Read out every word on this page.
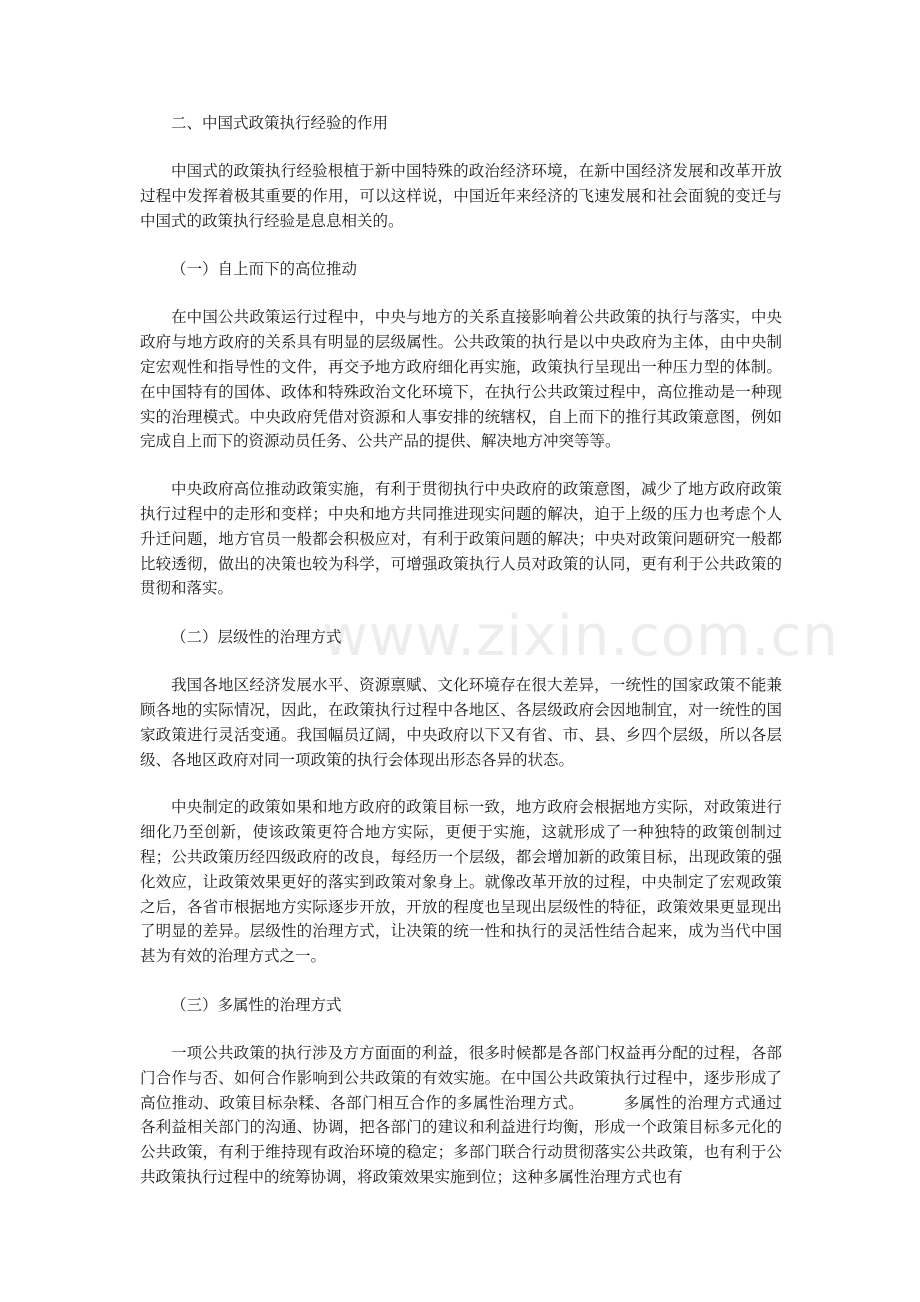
二、中国式政策执行经验的作用

中国式的政策执行经验根植于新中国特殊的政治经济环境，在新中国经济发展和改革开放过程中发挥着极其重要的作用，可以这样说，中国近年来经济的飞速发展和社会面貌的变迁与中国式的政策执行经验是息息相关的。

（一）自上而下的高位推动

在中国公共政策运行过程中，中央与地方的关系直接影响着公共政策的执行与落实，中央政府与地方政府的关系具有明显的层级属性。公共政策的执行是以中央政府为主体，由中央制定宏观性和指导性的文件，再交予地方政府细化再实施，政策执行呈现出一种压力型的体制。在中国特有的国体、政体和特殊政治文化环境下，在执行公共政策过程中，高位推动是一种现实的治理模式。中央政府凭借对资源和人事安排的统辖权，自上而下的推行其政策意图，例如完成自上而下的资源动员任务、公共产品的提供、解决地方冲突等等。

中央政府高位推动政策实施，有利于贯彻执行中央政府的政策意图，减少了地方政府政策执行过程中的走形和变样；中央和地方共同推进现实问题的解决，迫于上级的压力也考虑个人升迁问题，地方官员一般都会积极应对，有利于政策问题的解决；中央对政策问题研究一般都比较透彻，做出的决策也较为科学，可增强政策执行人员对政策的认同，更有利于公共政策的贯彻和落实。

（二）层级性的治理方式

我国各地区经济发展水平、资源禀赋、文化环境存在很大差异，一统性的国家政策不能兼顾各地的实际情况，因此，在政策执行过程中各地区、各层级政府会因地制宜，对一统性的国家政策进行灵活变通。我国幅员辽阔，中央政府以下又有省、市、县、乡四个层级，所以各层级、各地区政府对同一项政策的执行会体现出形态各异的状态。

中央制定的政策如果和地方政府的政策目标一致，地方政府会根据地方实际，对政策进行细化乃至创新，使该政策更符合地方实际，更便于实施，这就形成了一种独特的政策创制过程；公共政策历经四级政府的改良，每经历一个层级，都会增加新的政策目标，出现政策的强化效应，让政策效果更好的落实到政策对象身上。就像改革开放的过程，中央制定了宏观政策之后，各省市根据地方实际逐步开放，开放的程度也呈现出层级性的特征，政策效果更显现出了明显的差异。层级性的治理方式，让决策的统一性和执行的灵活性结合起来，成为当代中国甚为有效的治理方式之一。

（三）多属性的治理方式

一项公共政策的执行涉及方方面面的利益，很多时候都是各部门权益再分配的过程，各部门合作与否、如何合作影响到公共政策的有效实施。在中国公共政策执行过程中，逐步形成了高位推动、政策目标杂糅、各部门相互合作的多属性治理方式。　　　多属性的治理方式通过各利益相关部门的沟通、协调，把各部门的建议和利益进行均衡，形成一个政策目标多元化的公共政策，有利于维持现有政治环境的稳定；多部门联合行动贯彻落实公共政策，也有利于公共政策执行过程中的统筹协调，将政策效果实施到位；这种多属性治理方式也有

www.zixin.com.cn
